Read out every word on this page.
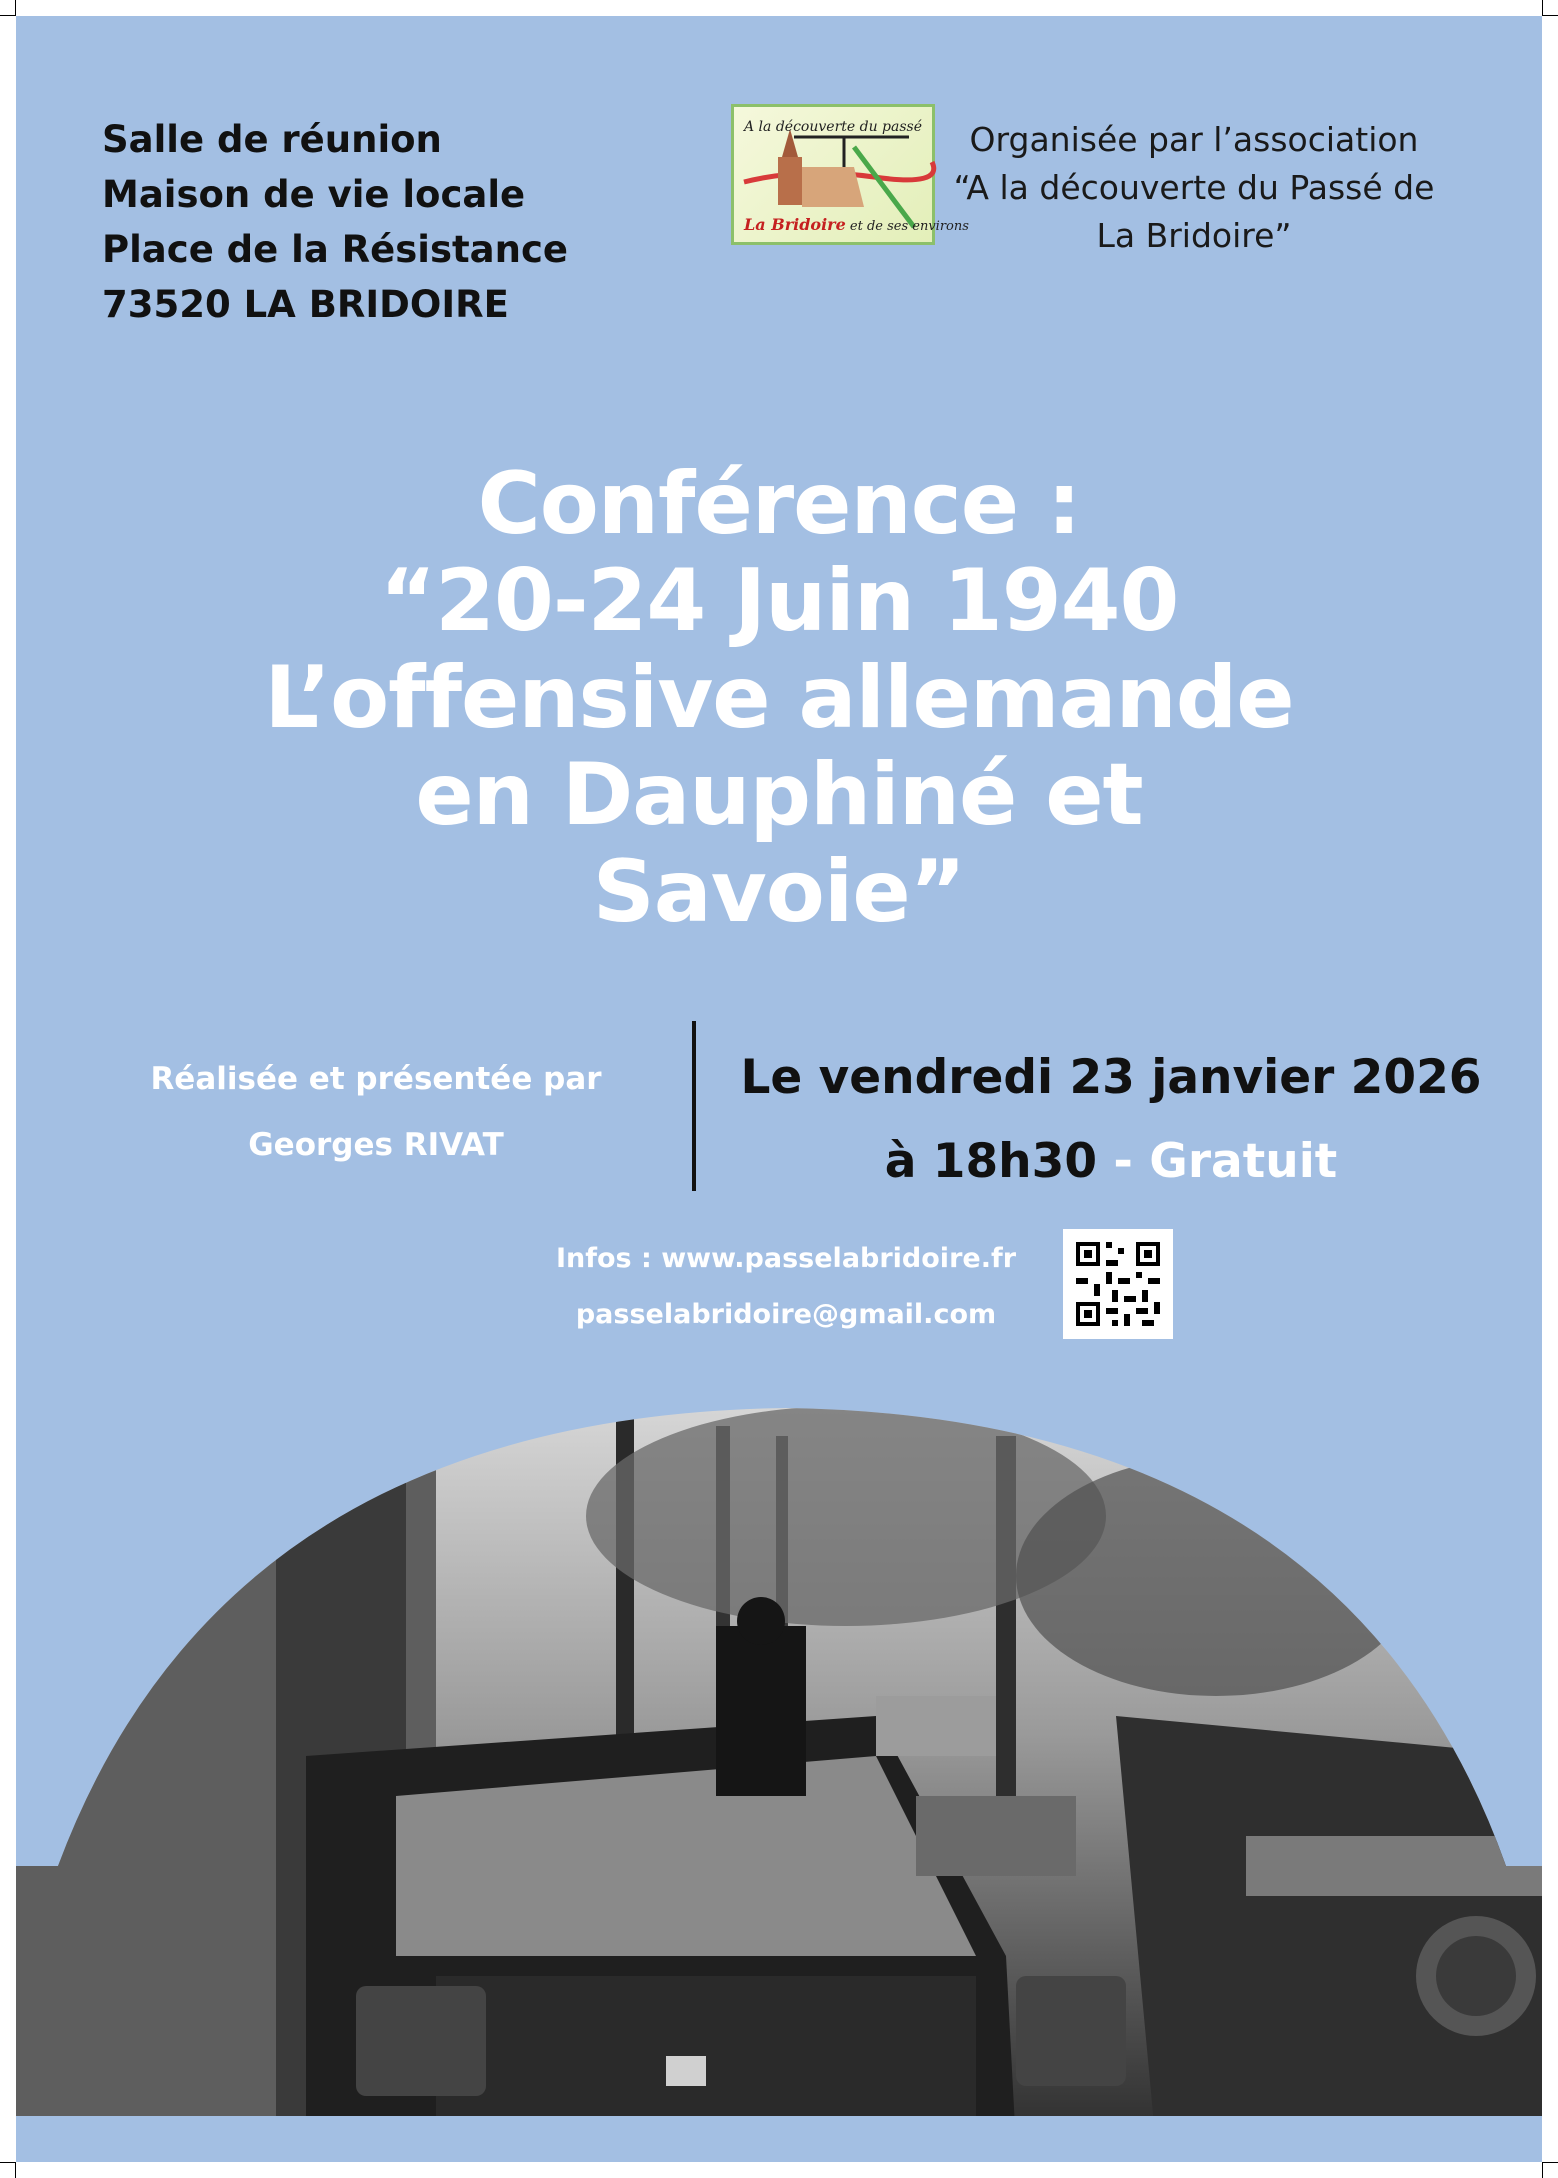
Salle de réunion
Maison de vie locale
Place de la Résistance
73520 LA BRIDOIRE
A la découverte du passé
La Bridoire et de ses environs
Organisée par l’association
“A la découverte du Passé de
La Bridoire”
Conférence :
“20-24 Juin 1940
L’offensive allemande
en Dauphiné et
Savoie”
Réalisée et présentée par
Georges RIVAT
Le vendredi 23 janvier 2026
à 18h30 - Gratuit
Infos : www.passelabridoire.fr
passelabridoire@gmail.com
